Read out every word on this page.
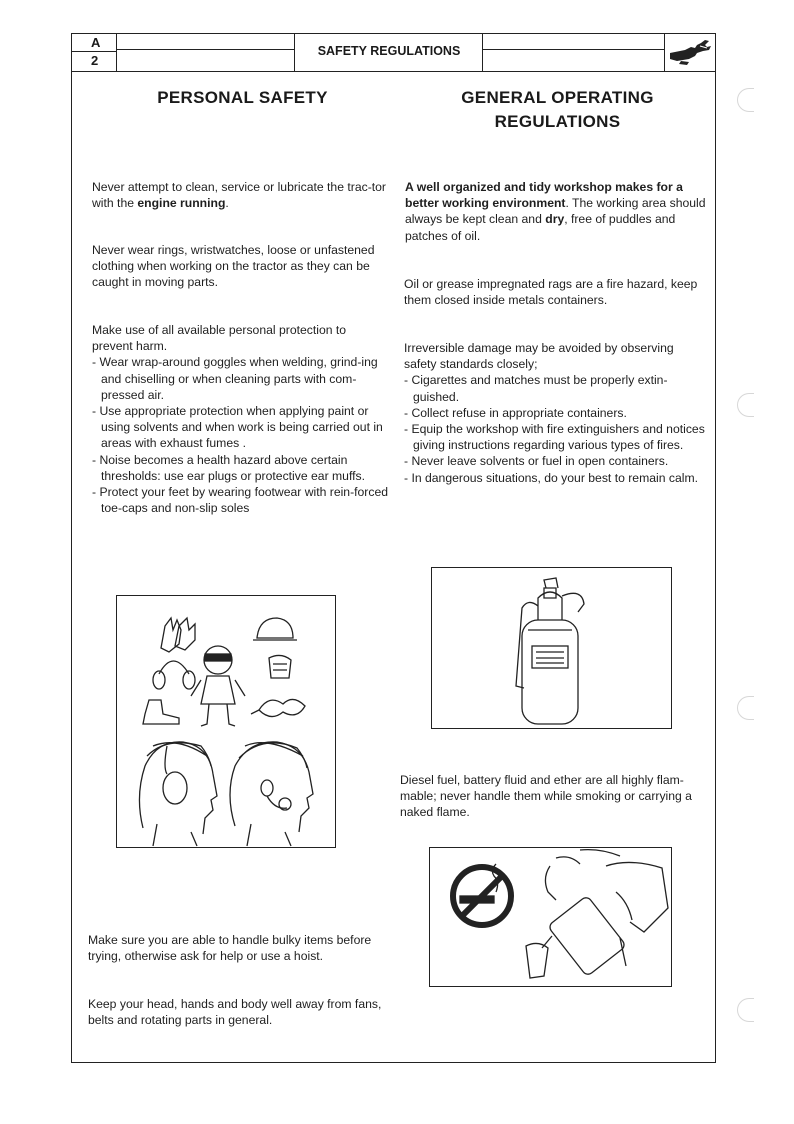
A
2
SAFETY REGULATIONS
PERSONAL SAFETY
Never attempt to clean, service or lubricate the trac-tor with the engine running.
Never wear rings, wristwatches, loose or unfastened clothing when working on the tractor as they can be caught in moving parts.
Make use of all available personal protection to prevent harm.
- Wear wrap-around goggles when welding, grind-ing and chiselling or when cleaning parts with com-pressed air.
- Use appropriate protection when applying paint or using solvents and when work is being carried out in areas with exhaust fumes .
- Noise becomes a health hazard above certain thresholds: use ear plugs or protective ear muffs.
- Protect your feet by wearing footwear with rein-forced toe-caps and non-slip soles
Make sure you are able to handle bulky items before trying, otherwise ask for help or use a hoist.
Keep your head, hands and body well away from fans, belts and rotating parts in general.
GENERAL OPERATING
REGULATIONS
A well organized and tidy workshop makes for a better working environment. The working area should always be kept clean and dry, free of puddles and patches of oil.
Oil or grease impregnated rags are a fire hazard, keep them closed inside metals containers.
Irreversible damage may be avoided by observing safety standards closely;
- Cigarettes and matches must be properly extin-guished.
- Collect refuse in appropriate containers.
- Equip the workshop with fire extinguishers and notices giving instructions regarding various types of fires.
- Never leave solvents or fuel in open containers.
- In dangerous situations, do your best to remain calm.
Diesel fuel, battery fluid and ether are all highly flam-mable; never handle them while smoking or carrying a naked flame.
